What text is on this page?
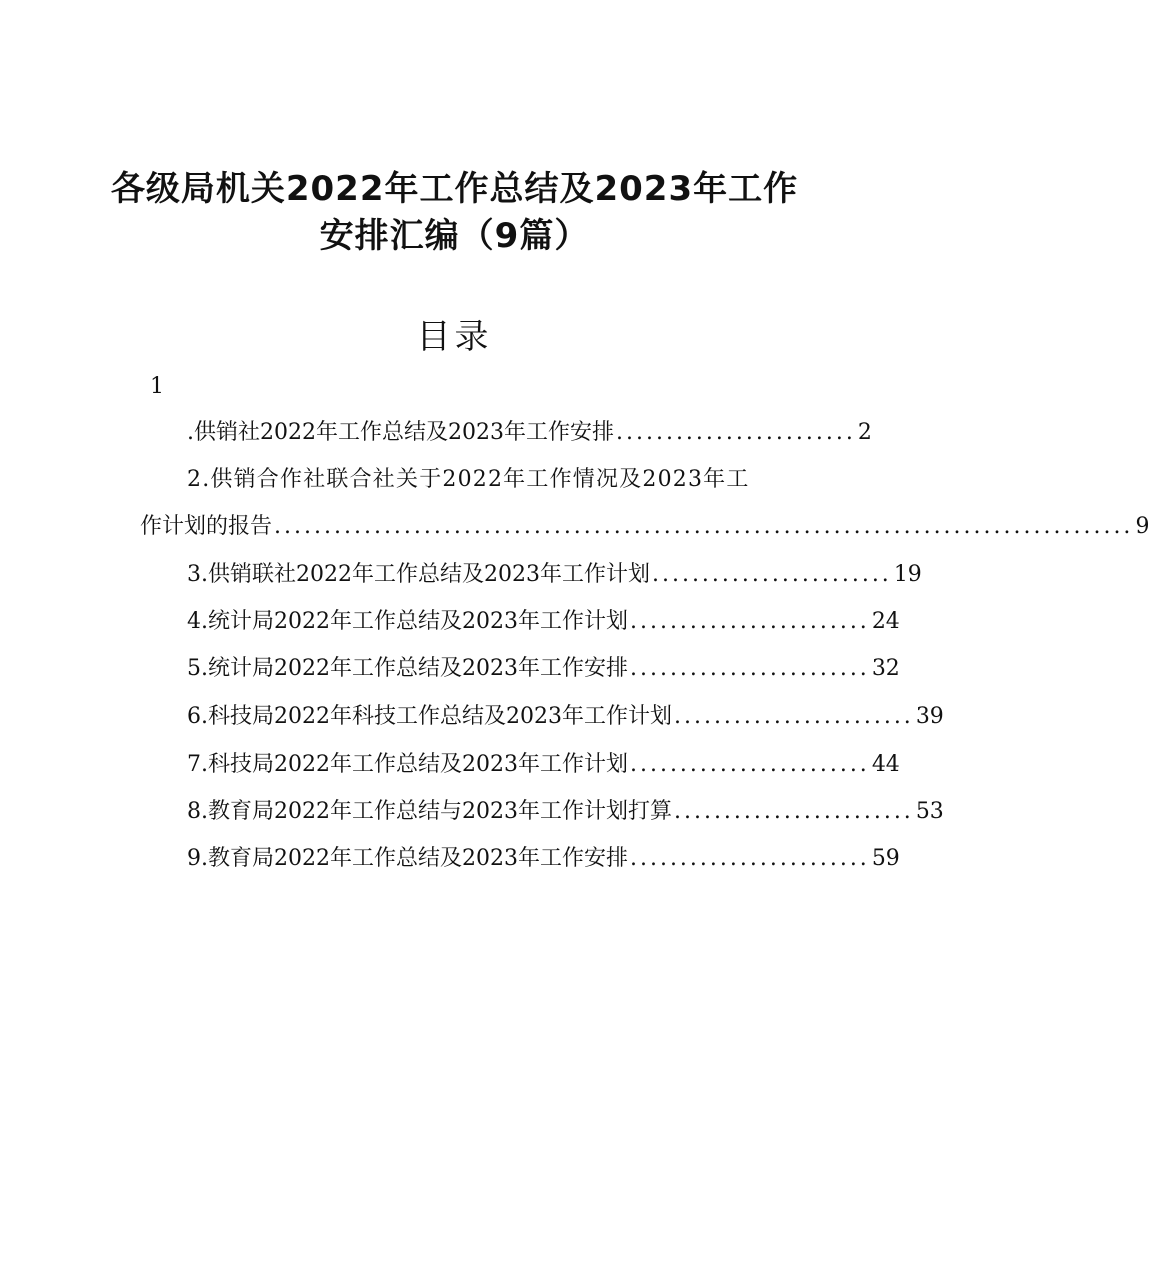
各级局机关2022年工作总结及2023年工作
目录
1
.供销社2022年工作总结及2023年工作安排 ........................ 2
2.供销合作社联合社关于2022年工作情况及2023年工
作计划的报告 ...................................................................................... 9
3.供销联社2022年工作总结及2023年工作计划 ........................ 19
4.统计局2022年工作总结及2023年工作计划 ........................ 24
5.统计局2022年工作总结及2023年工作安排 ........................ 32
6.科技局2022年科技工作总结及2023年工作计划 ........................ 39
7.科技局2022年工作总结及2023年工作计划 ........................ 44
8.教育局2022年工作总结与2023年工作计划打算 ........................ 53
9.教育局2022年工作总结及2023年工作安排 ........................ 59
安排汇编（9篇）
